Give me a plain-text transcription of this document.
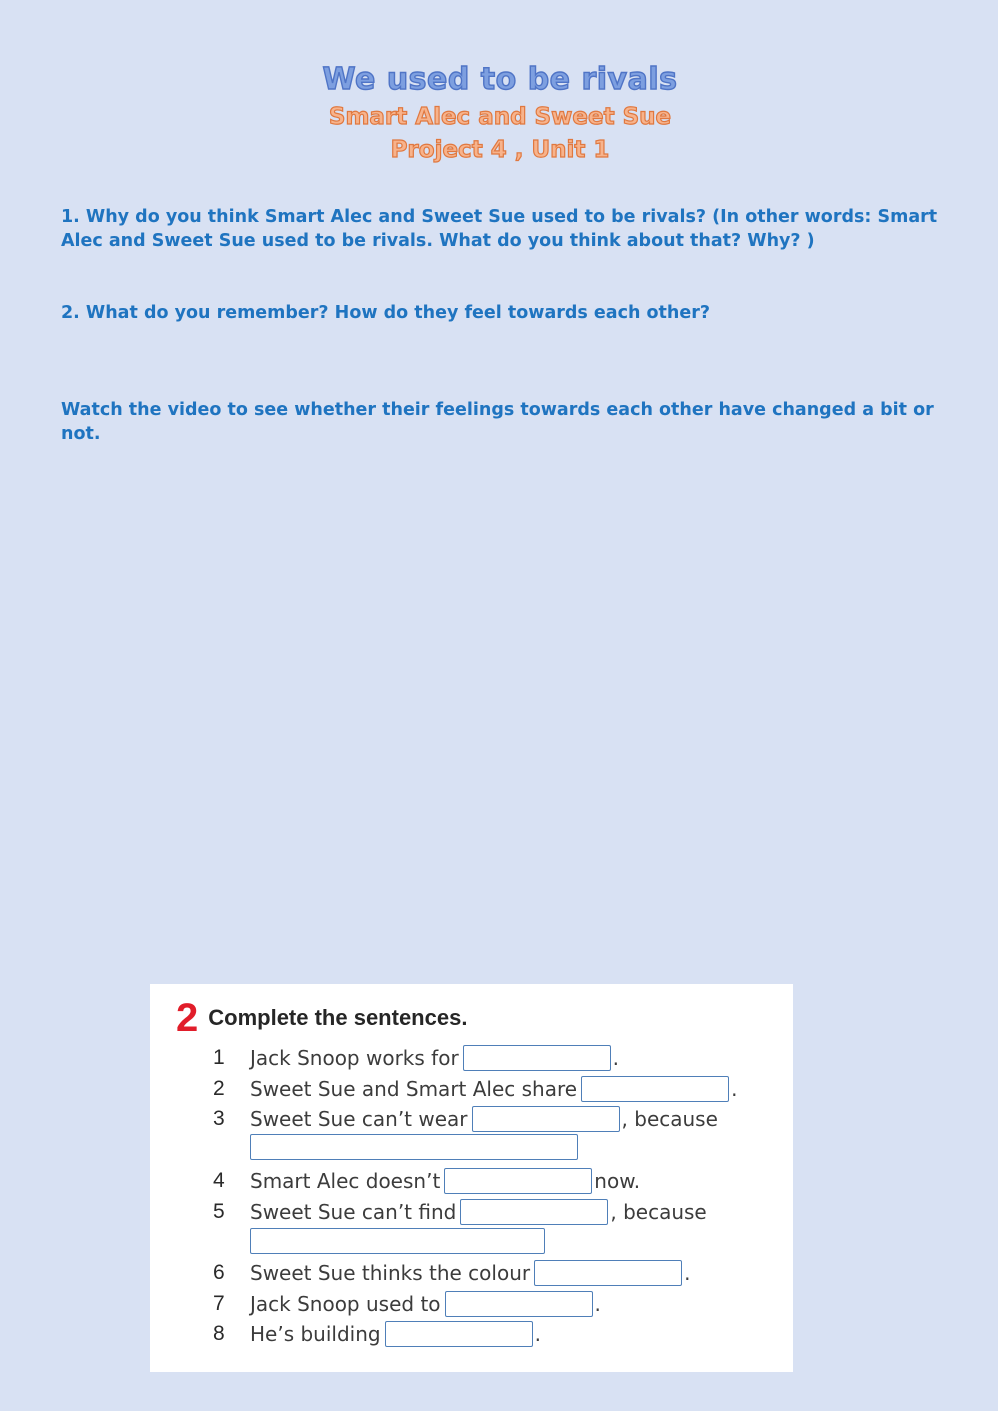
We used to be rivals
Smart Alec and Sweet Sue
Project 4 , Unit 1
1. Why do you think Smart Alec and Sweet Sue used to be rivals? (In other words: Smart Alec and Sweet Sue used to be rivals. What do you think about that? Why? )
2. What do you remember? How do they feel towards each other?
Watch the video to see whether their feelings towards each other have changed a bit or not.
2 Complete the sentences.
1	Jack Snoop works for	.
2	Sweet Sue and Smart Alec share	.
3	Sweet Sue can’t wear	, because
4	Smart Alec doesn’t	now.
5	Sweet Sue can’t find	, because
6	Sweet Sue thinks the colour	.
7	Jack Snoop used to	.
8	He’s building	.
